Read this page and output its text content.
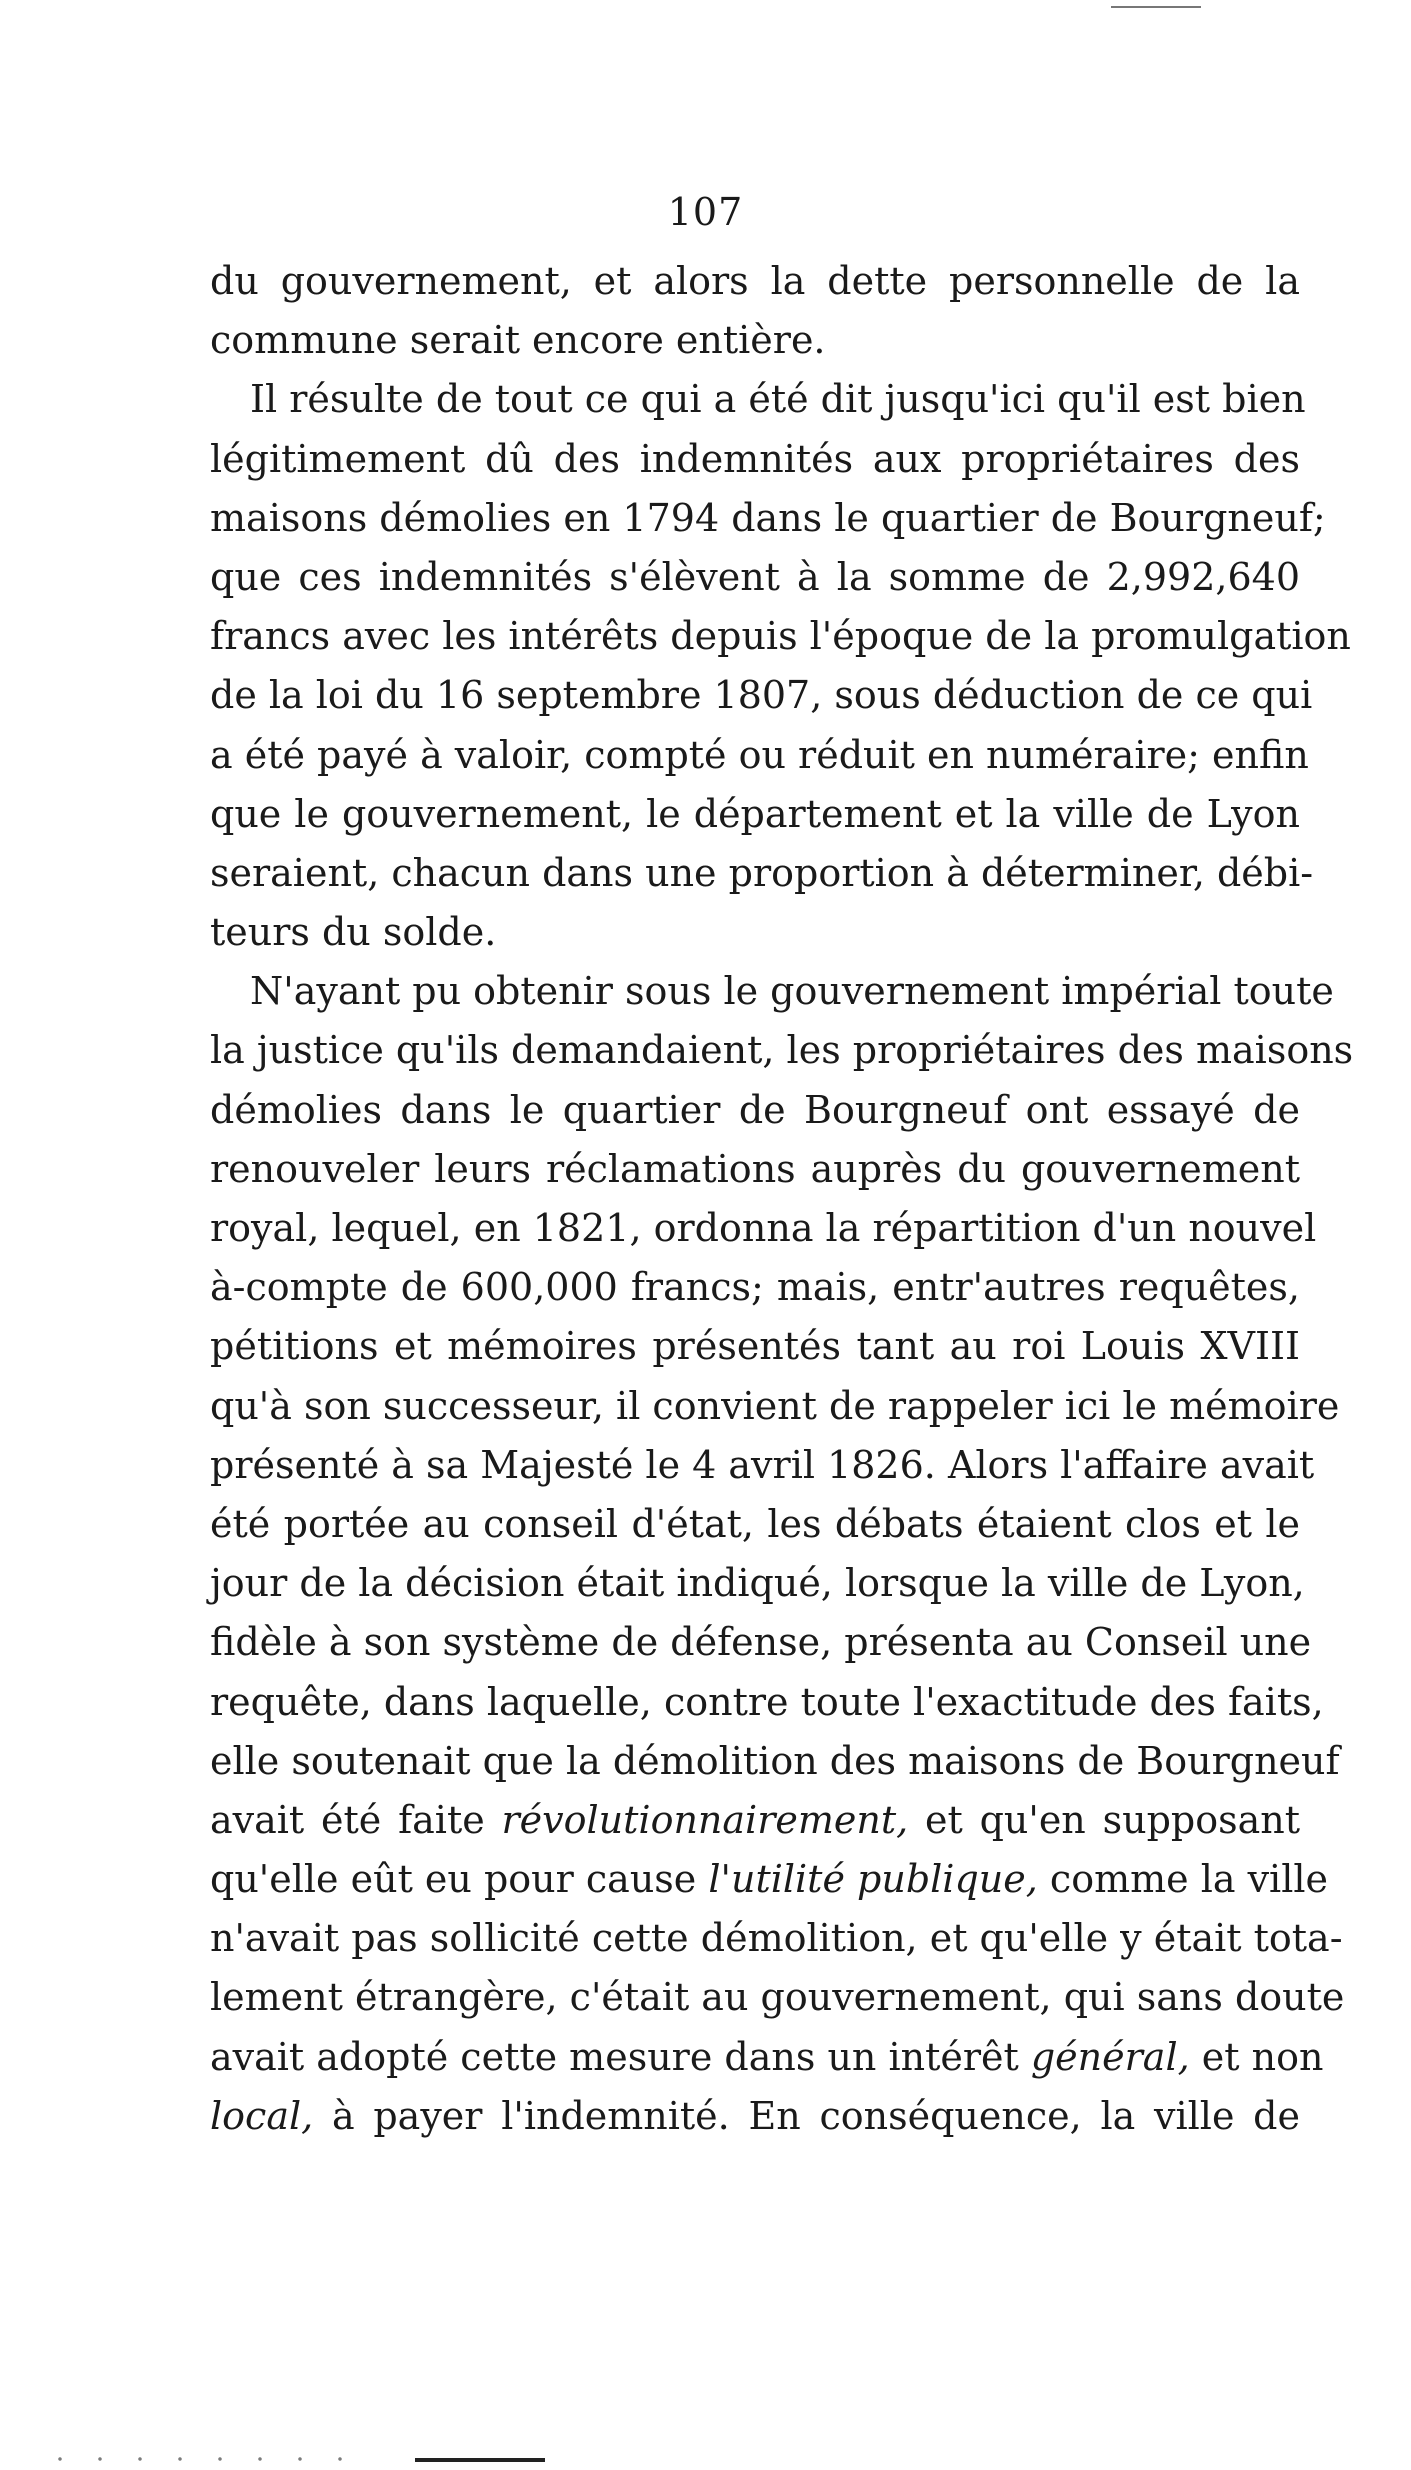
107
du gouvernement, et alors la dette personnelle de la
commune serait encore entière.
Il résulte de tout ce qui a été dit jusqu'ici qu'il est bien
légitimement dû des indemnités aux propriétaires des
maisons démolies en 1794 dans le quartier de Bourgneuf;
que ces indemnités s'élèvent à la somme de 2,992,640
francs avec les intérêts depuis l'époque de la promulgation
de la loi du 16 septembre 1807, sous déduction de ce qui
a été payé à valoir, compté ou réduit en numéraire; enfin
que le gouvernement, le département et la ville de Lyon
seraient, chacun dans une proportion à déterminer, débi-
teurs du solde.
N'ayant pu obtenir sous le gouvernement impérial toute
la justice qu'ils demandaient, les propriétaires des maisons
démolies dans le quartier de Bourgneuf ont essayé de
renouveler leurs réclamations auprès du gouvernement
royal, lequel, en 1821, ordonna la répartition d'un nouvel
à-compte de 600,000 francs; mais, entr'autres requêtes,
pétitions et mémoires présentés tant au roi Louis XVIII
qu'à son successeur, il convient de rappeler ici le mémoire
présenté à sa Majesté le 4 avril 1826. Alors l'affaire avait
été portée au conseil d'état, les débats étaient clos et le
jour de la décision était indiqué, lorsque la ville de Lyon,
fidèle à son système de défense, présenta au Conseil une
requête, dans laquelle, contre toute l'exactitude des faits,
elle soutenait que la démolition des maisons de Bourgneuf
avait été faite révolutionnairement, et qu'en supposant
qu'elle eût eu pour cause l'utilité publique, comme la ville
n'avait pas sollicité cette démolition, et qu'elle y était tota-
lement étrangère, c'était au gouvernement, qui sans doute
avait adopté cette mesure dans un intérêt général, et non
local, à payer l'indemnité. En conséquence, la ville de
